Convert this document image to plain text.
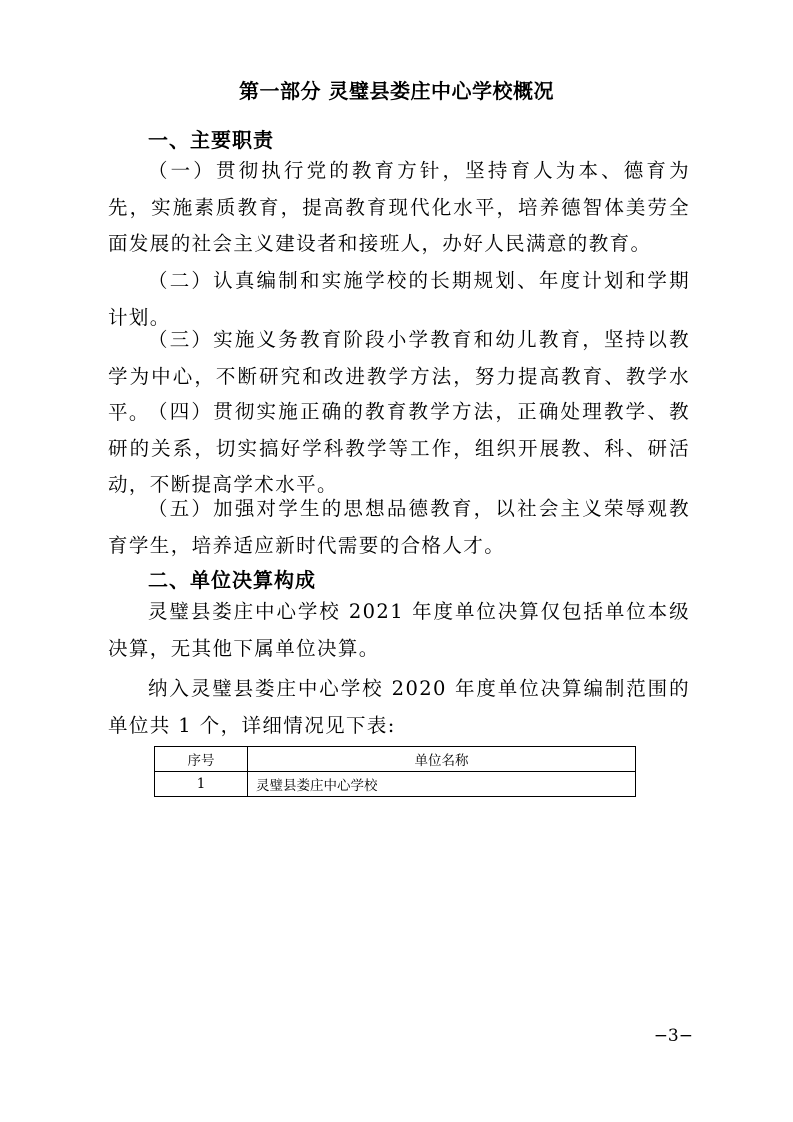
第一部分 灵璧县娄庄中心学校概况
一、主要职责
（一）贯彻执行党的教育方针，坚持育人为本、德育为先，实施素质教育，提高教育现代化水平，培养德智体美劳全面发展的社会主义建设者和接班人，办好人民满意的教育。
（二）认真编制和实施学校的长期规划、年度计划和学期计划。
（三）实施义务教育阶段小学教育和幼儿教育，坚持以教学为中心，不断研究和改进教学方法，努力提高教育、教学水平。
（四）贯彻实施正确的教育教学方法，正确处理教学、教研的关系，切实搞好学科教学等工作，组织开展教、科、研活动，不断提高学术水平。
（五）加强对学生的思想品德教育，以社会主义荣辱观教育学生，培养适应新时代需要的合格人才。
二、单位决算构成
灵璧县娄庄中心学校 2021 年度单位决算仅包括单位本级决算，无其他下属单位决算。
纳入灵璧县娄庄中心学校 2020 年度单位决算编制范围的单位共 1 个，详细情况见下表:
序号	单位名称
1	灵璧县娄庄中心学校
−3−
